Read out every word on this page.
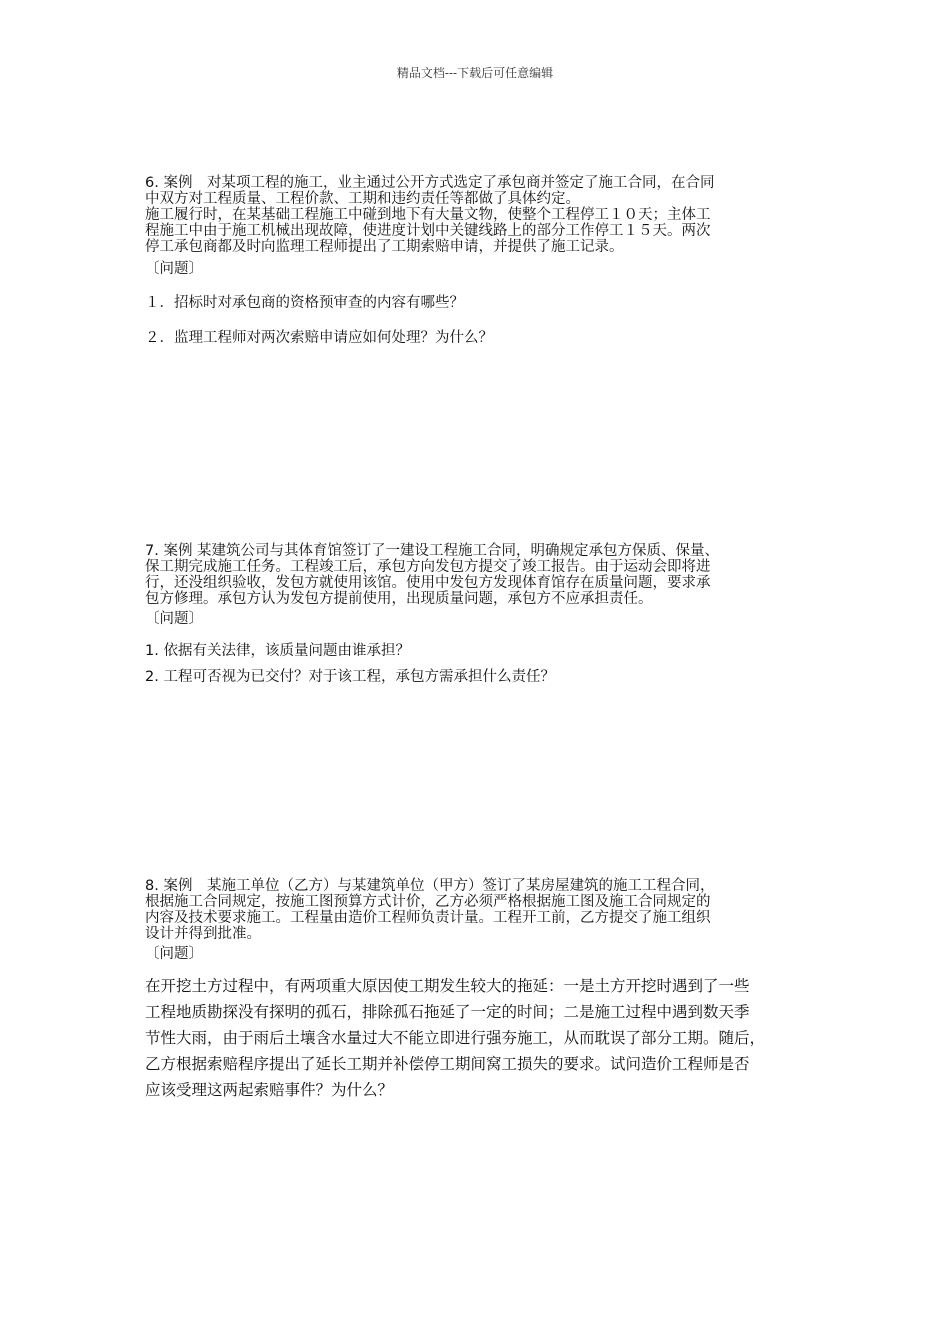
精品文档---下载后可任意编辑

6. 案例　对某项工程的施工，业主通过公开方式选定了承包商并签定了施工合同，在合同

中双方对工程质量、工程价款、工期和违约责任等都做了具体约定。

施工履行时，在某基础工程施工中碰到地下有大量文物，使整个工程停工１０天；主体工

程施工中由于施工机械出现故障，使进度计划中关键线路上的部分工作停工１５天。两次

停工承包商都及时向监理工程师提出了工期索赔申请，并提供了施工记录。

〔问题〕

１．招标时对承包商的资格预审查的内容有哪些？

２．监理工程师对两次索赔申请应如何处理？为什么？

7. 案例 某建筑公司与其体育馆签订了一建设工程施工合同，明确规定承包方保质、保量、

保工期完成施工任务。工程竣工后，承包方向发包方提交了竣工报告。由于运动会即将进

行，还没组织验收，发包方就使用该馆。使用中发包方发现体育馆存在质量问题，要求承

包方修理。承包方认为发包方提前使用，出现质量问题，承包方不应承担责任。

〔问题〕

1. 依据有关法律，该质量问题由谁承担？

2. 工程可否视为已交付？对于该工程，承包方需承担什么责任？

8. 案例　某施工单位（乙方）与某建筑单位（甲方）签订了某房屋建筑的施工工程合同，

根据施工合同规定，按施工图预算方式计价，乙方必须严格根据施工图及施工合同规定的

内容及技术要求施工。工程量由造价工程师负责计量。工程开工前，乙方提交了施工组织

设计并得到批准。

〔问题〕

在开挖土方过程中，有两项重大原因使工期发生较大的拖延：一是土方开挖时遇到了一些
工程地质勘探没有探明的孤石，排除孤石拖延了一定的时间；二是施工过程中遇到数天季
节性大雨，由于雨后土壤含水量过大不能立即进行强夯施工，从而耽误了部分工期。随后，
乙方根据索赔程序提出了延长工期并补偿停工期间窝工损失的要求。试问造价工程师是否
应该受理这两起索赔事件？为什么？
